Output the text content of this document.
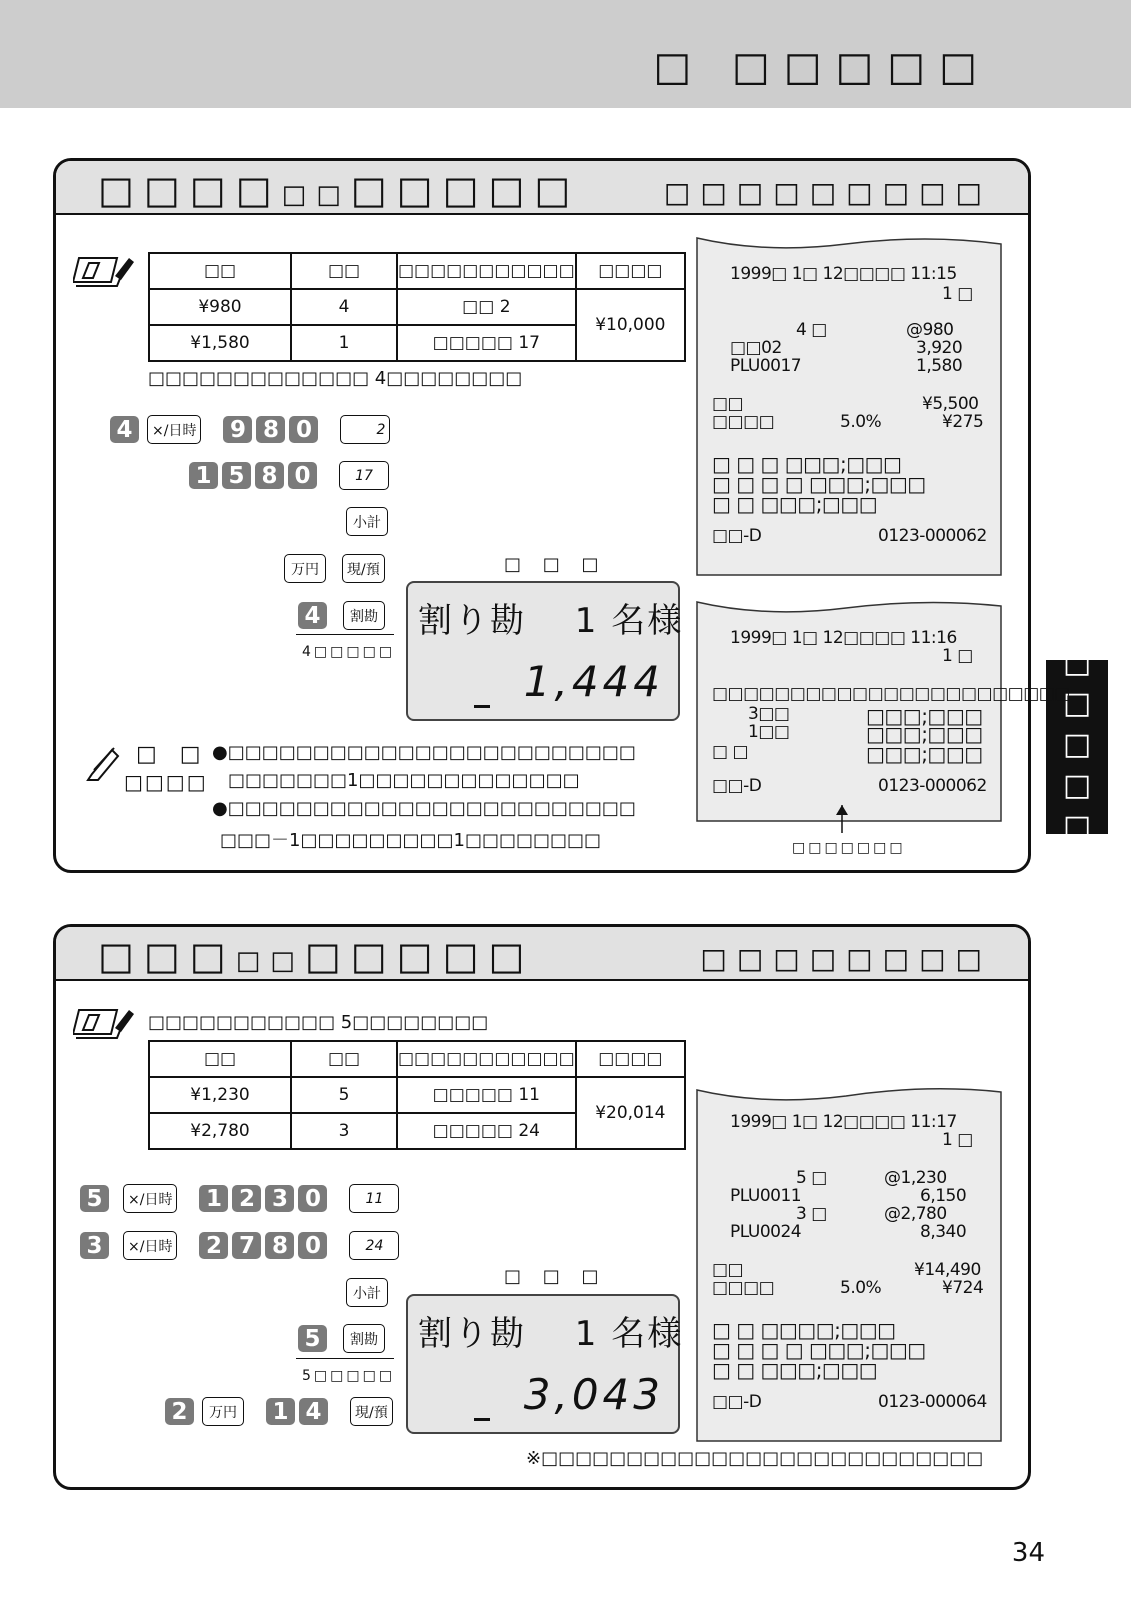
□ □□□□□
□□□□□
□□□□□□□□□□□	□□□□□□□□□
□□	□□	□□□□□□□□□□□	□□□□
¥980	4	□□ 2	¥10,000
¥1,580	1	□□□□□ 17	
□□□□□□□□□□□□□ 4□□□□□□□□
4	×/日時 9 8 0	2
1 5 8 0	17
小計
万円	現/預
4	割勘
4□□□□□
□ □ □
割り勘　 1 名様
1,444
□ □
□□□□
●□□□□□□□□□□□□□□□□□□□□□□□□
□□□□□□□1□□□□□□□□□□□□□
●□□□□□□□□□□□□□□□□□□□□□□□□
□□□－1□□□□□□□□□1□□□□□□□□
1999□ 1□ 12□□□□ 11:15
1 □
4 □	@980
□□02	3,920
PLU0017	1,580
□□	¥5,500
□□□□	5.0%	¥275
□ □ □ □□□;□□□
□ □ □ □ □□□;□□□
□ □ □□□;□□□
□□-D	0123-000062
1999□ 1□ 12□□□□ 11:16
1 □
□□□□□□□□□□□□□□□□□□□□□□□
3□□	□□□;□□□
1□□	□□□;□□□
□ □	□□□;□□□
□□-D	0123-000062
□□□□□□□
□□□□□□□□□□	□□□□□□□□
□□□□□□□□□□□ 5□□□□□□□□
□□	□□	□□□□□□□□□□□	□□□□
¥1,230	5	□□□□□ 11	¥20,014
¥2,780	3	□□□□□ 24	
5	×/日時 1 2 3 0	11
3	×/日時 2 7 8 0	24
小計
5	割勘
5□□□□□
2	万円	1 4	現/預
□ □ □
割り勘　 1 名様
3,043
1999□ 1□ 12□□□□ 11:17
1 □
5 □	@1,230
PLU0011	6,150
3 □	@2,780
PLU0024	8,340
□□	¥14,490
□□□□	5.0%	¥724
□ □ □□□□;□□□
□ □ □ □ □□□;□□□
□ □ □□□;□□□
□□-D	0123-000064
※□□□□□□□□□□□□□□□□□□□□□□□□□□
34
